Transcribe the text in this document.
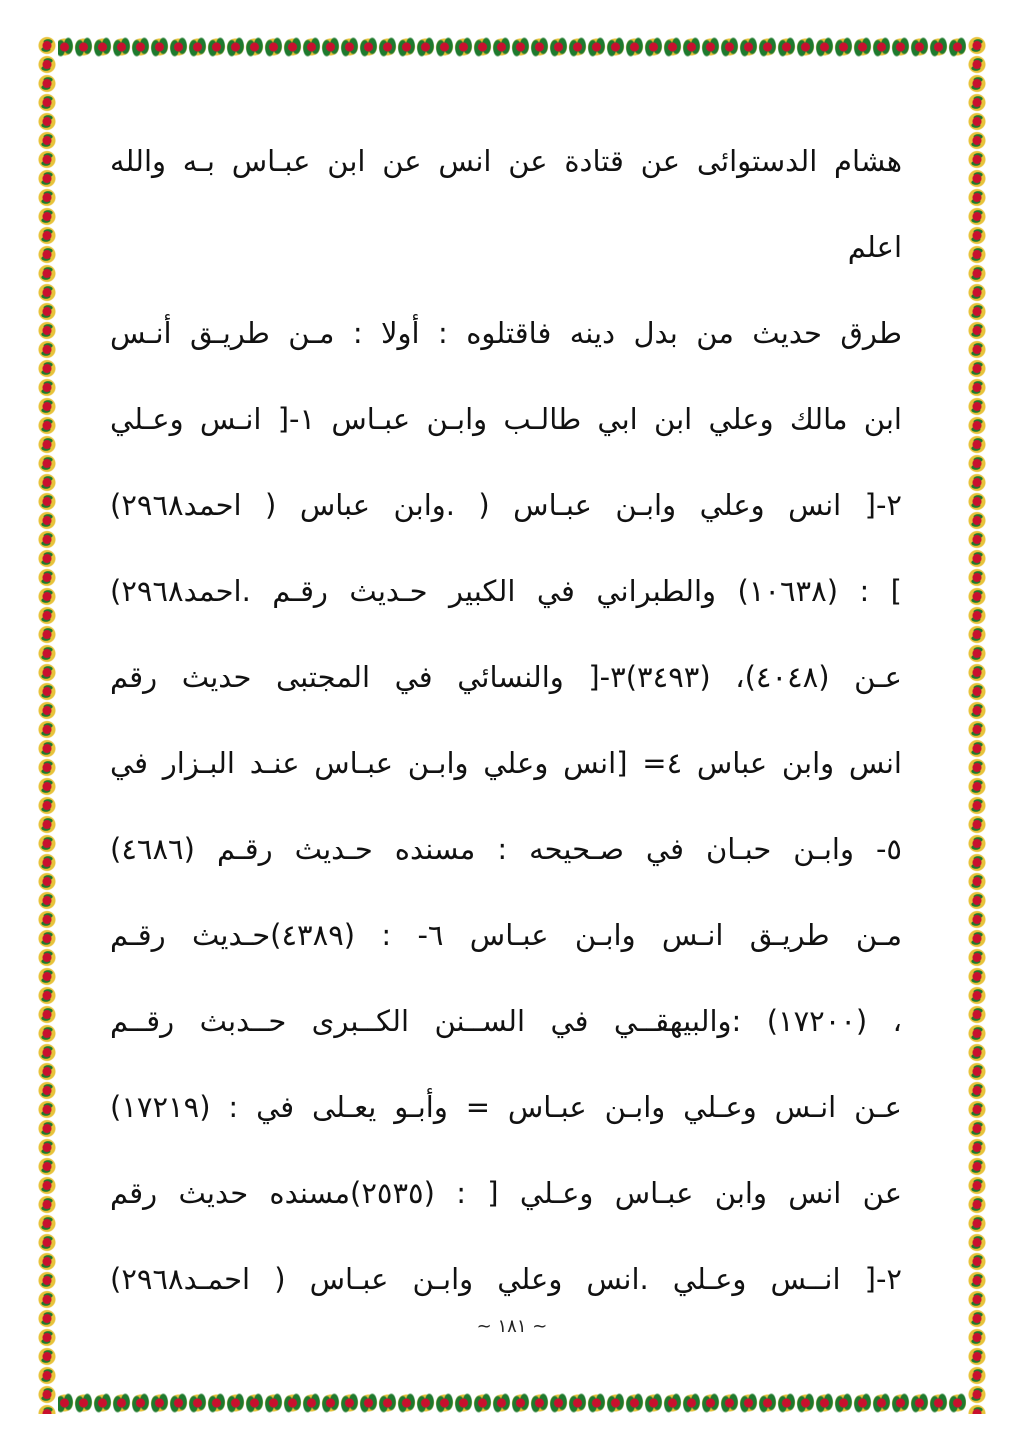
هشام الدستوائى عن قتادة عن انس عن ابن عبـاس بـه والله
اعلم
طرق حديث من بدل دينه فاقتلوه : أولا : مـن طريـق أنـس
ابن مالك وعلي ابن ابي طالـب وابـن عبـاس ١-[ انـس وعـلي
٢-[ انس وعلي وابـن عبـاس ( .وابن عباس ( احمد٢٩٦٨)
] : (١٠٦٣٨) والطبراني في الكبير حـديث رقـم .احمد٢٩٦٨)
عـن (٤٠٤٨)، (٣٤٩٣)٣-[ والنسائي في المجتبى حديث رقم
انس وابن عباس ٤= [انس وعلي وابـن عبـاس عنـد البـزار في
٥- وابـن حبـان في صـحيحه : مسنده حـديث رقـم (٤٦٨٦)
مـن طريـق انـس وابـن عبـاس ٦- : (٤٣٨٩)حـديث رقـم
، (١٧٢٠٠) :والبيهقــي في الســنن الكــبرى حــدبث رقــم
عـن انـس وعـلي وابـن عبـاس = وأبـو يعـلى في : (١٧٢١٩)
عن انس وابن عبـاس وعـلي [ : (٢٥٣٥)مسنده حديث رقم
٢-[ انــس وعـلي .انس وعلي وابـن عبـاس ( احمـد٢٩٦٨)
~ ١٨١ ~
